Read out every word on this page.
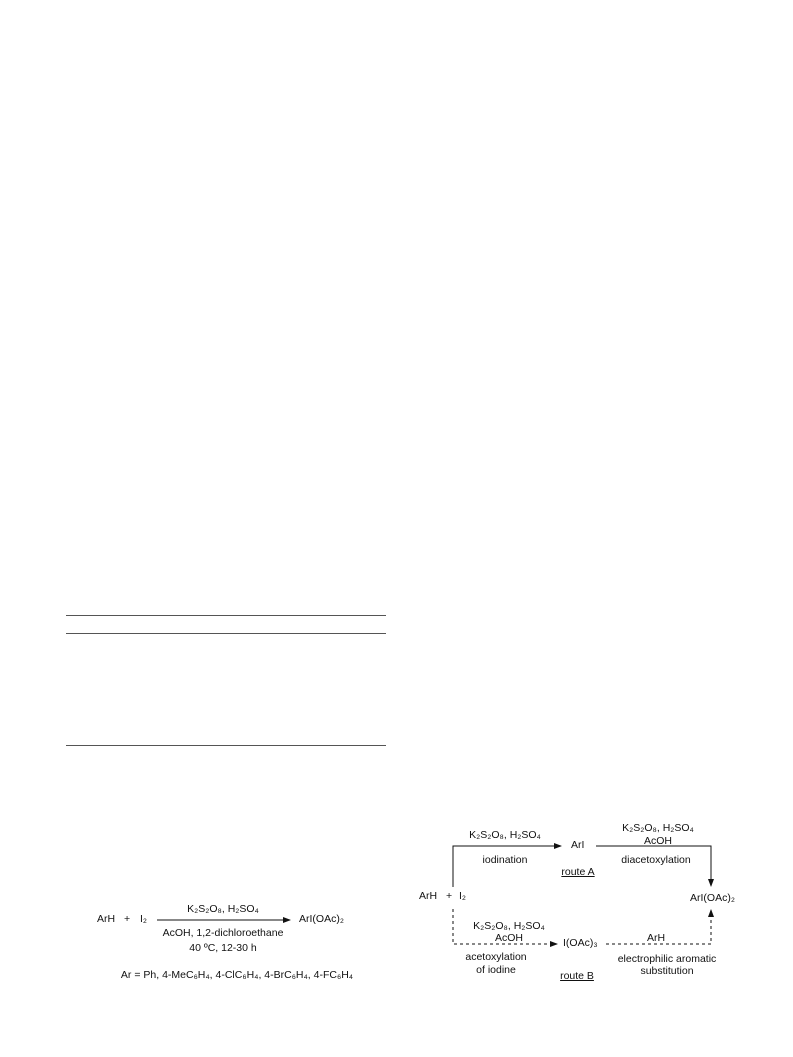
ArH + I₂
K₂S₂O₈, H₂SO₄
AcOH, 1,2-dichloroethane
40 ºC, 12-30 h
ArI(OAc)₂
Ar = Ph, 4-MeC₆H₄, 4-ClC₆H₄, 4-BrC₆H₄, 4-FC₆H₄
ArH + I₂
K₂S₂O₈, H₂SO₄
iodination
ArI
route A
K₂S₂O₈, H₂SO₄
AcOH
diacetoxylation
ArI(OAc)₂
K₂S₂O₈, H₂SO₄
AcOH
acetoxylation
of iodine
I(OAc)₃
route B
ArH
electrophilic aromatic
substitution
